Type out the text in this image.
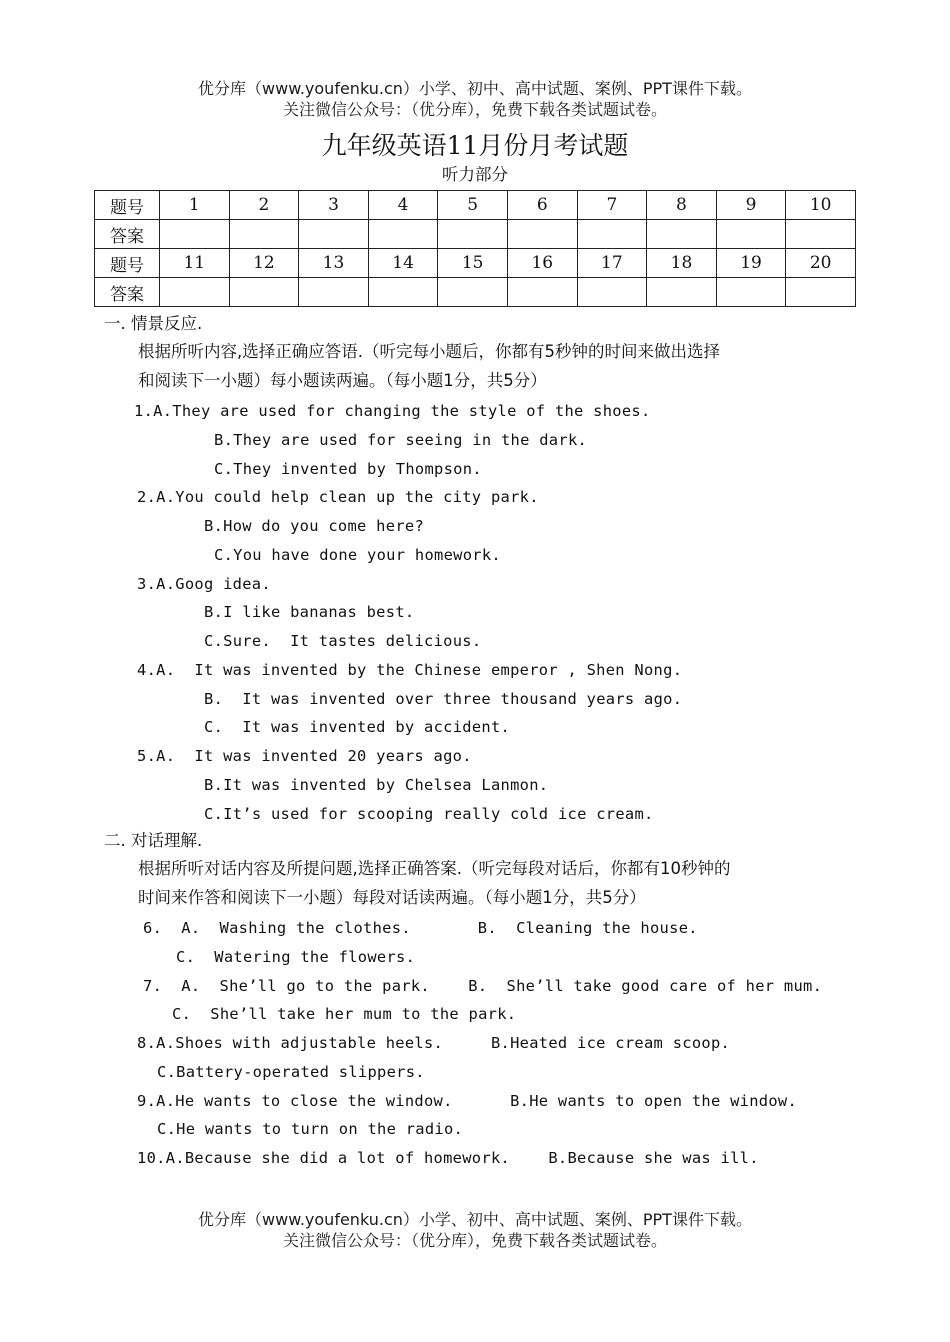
优分库（www.youfenku.cn）小学、初中、高中试题、案例、PPT课件下载。
关注微信公众号：（优分库），免费下载各类试题试卷。
九年级英语11月份月考试题
听力部分
题号	1	2	3	4	5	6	7	8	9	10
答案										
题号	11	12	13	14	15	16	17	18	19	20
答案										
一. 情景反应.
根据所听内容,选择正确应答语.（听完每小题后，你都有5秒钟的时间来做出选择
和阅读下一小题）每小题读两遍。（每小题1分，共5分）
1.A.They are used for changing the style of the shoes.
B.They are used for seeing in the dark.
C.They invented by Thompson.
2.A.You could help clean up the city park.
B.How do you come here?
C.You have done your homework.
3.A.Goog idea.
B.I like bananas best.
C.Sure.  It tastes delicious.
4.A.  It was invented by the Chinese emperor , Shen Nong.
B.  It was invented over three thousand years ago.
C.  It was invented by accident.
5.A.  It was invented 20 years ago.
B.It was invented by Chelsea Lanmon.
C.It’s used for scooping really cold ice cream.
二. 对话理解.
根据所听对话内容及所提问题,选择正确答案.（听完每段对话后，你都有10秒钟的
时间来作答和阅读下一小题）每段对话读两遍。（每小题1分，共5分）
6.  A.  Washing the clothes.       B.  Cleaning the house.
C.  Watering the flowers.
7.  A.  She’ll go to the park.    B.  She’ll take good care of her mum.
C.  She’ll take her mum to the park.
8.A.Shoes with adjustable heels.     B.Heated ice cream scoop.
C.Battery-operated slippers.
9.A.He wants to close the window.      B.He wants to open the window.
C.He wants to turn on the radio.
10.A.Because she did a lot of homework.    B.Because she was ill.
优分库（www.youfenku.cn）小学、初中、高中试题、案例、PPT课件下载。
关注微信公众号：（优分库），免费下载各类试题试卷。
